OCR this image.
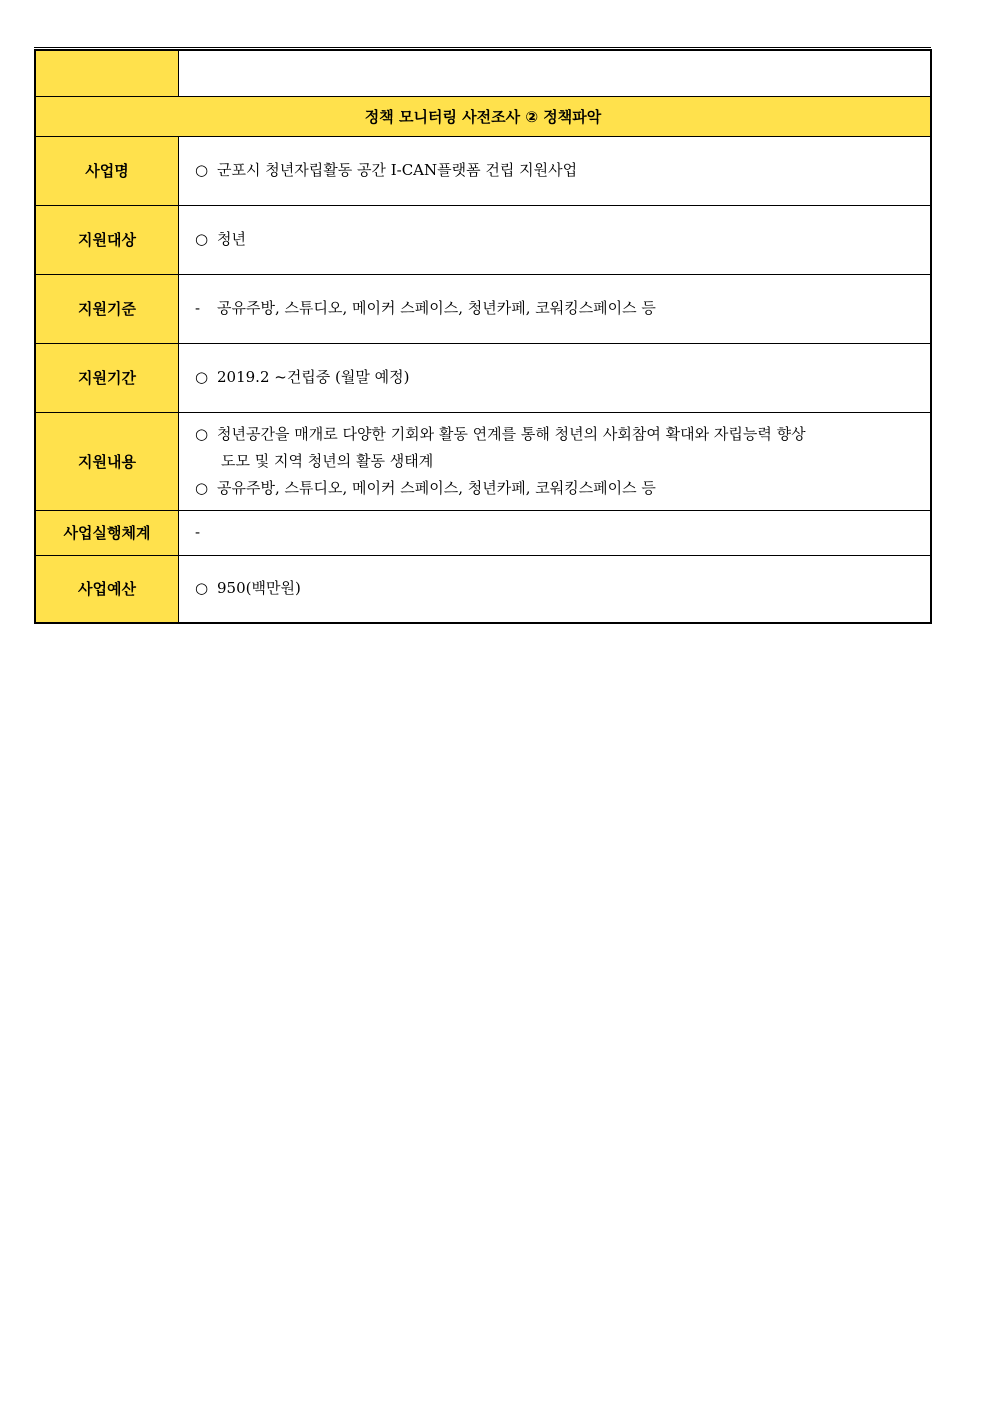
정책 모니터링 사전조사 ② 정책파악	
사업명	○ 군포시 청년자립활동 공간 I-CAN플랫폼 건립 지원사업

지원대상	○ 청년

지원기준	- 공유주방, 스튜디오, 메이커 스페이스, 청년카페, 코워킹스페이스 등

지원기간	○ 2019.2 ~건립중 (월말 예정)

지원내용	○ 청년공간을 매개로 다양한 기회와 활동 연계를 통해 청년의 사회참여 확대와 자립능력 향상
도모 및 지역 청년의 활동 생태계
○ 공유주방, 스튜디오, 메이커 스페이스, 청년카페, 코워킹스페이스 등

사업실행체계	-

사업예산	○ 950(백만원)
